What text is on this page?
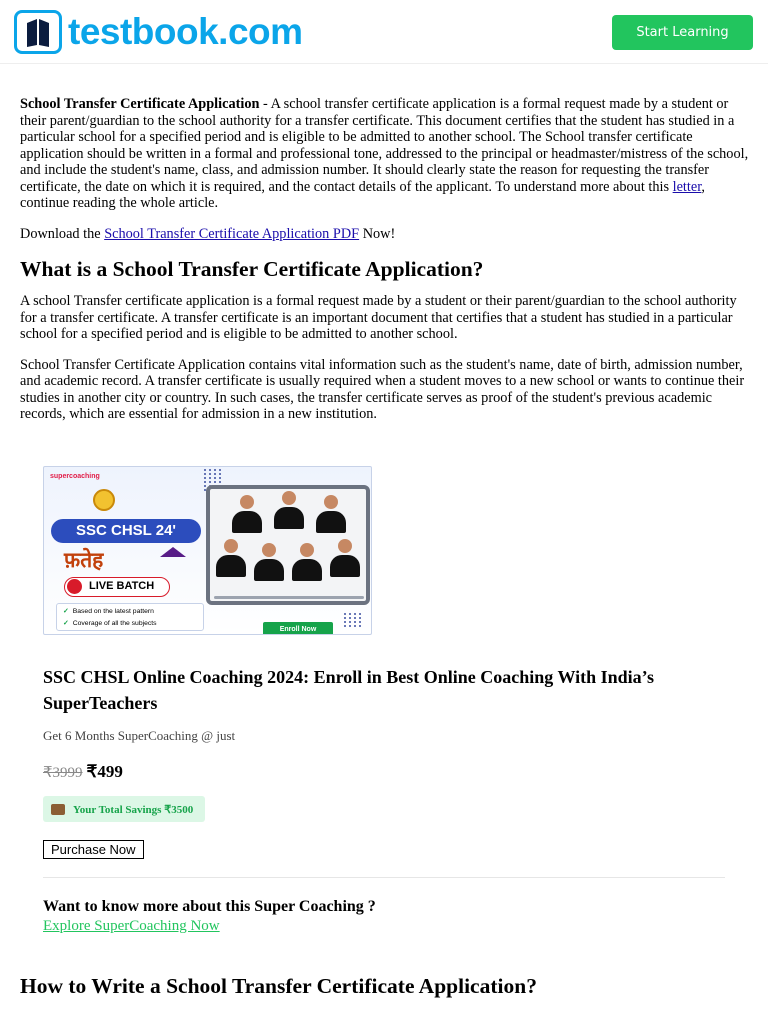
testbook.com	Start Learning

School Transfer Certificate Application - A school transfer certificate application is a formal request made by a student or their parent/guardian to the school authority for a transfer certificate. This document certifies that the student has studied in a particular school for a specified period and is eligible to be admitted to another school. The School transfer certificate application should be written in a formal and professional tone, addressed to the principal or headmaster/mistress of the school, and include the student's name, class, and admission number. It should clearly state the reason for requesting the transfer certificate, the date on which it is required, and the contact details of the applicant. To understand more about this letter, continue reading the whole article.

Download the School Transfer Certificate Application PDF Now!

What is a School Transfer Certificate Application?

A school Transfer certificate application is a formal request made by a student or their parent/guardian to the school authority for a transfer certificate. A transfer certificate is an important document that certifies that a student has studied in a particular school for a specified period and is eligible to be admitted to another school.

School Transfer Certificate Application contains vital information such as the student's name, date of birth, admission number, and academic record. A transfer certificate is usually required when a student moves to a new school or wants to continue their studies in another city or country. In such cases, the transfer certificate serves as proof of the student's previous academic records, which are essential for admission in a new institution.

supercoaching
SSC CHSL 24'
फ़तेह
LIVE BATCH
✓ Based on the latest pattern
✓ Coverage of all the subjects
Enroll Now
SSC CHSL Online Coaching 2024: Enroll in Best Online Coaching With India’s SuperTeachers
Get 6 Months SuperCoaching @ just
₹3999 ₹499
Your Total Savings ₹3500
Purchase Now
Want to know more about this Super Coaching ?
Explore SuperCoaching Now
How to Write a School Transfer Certificate Application?
